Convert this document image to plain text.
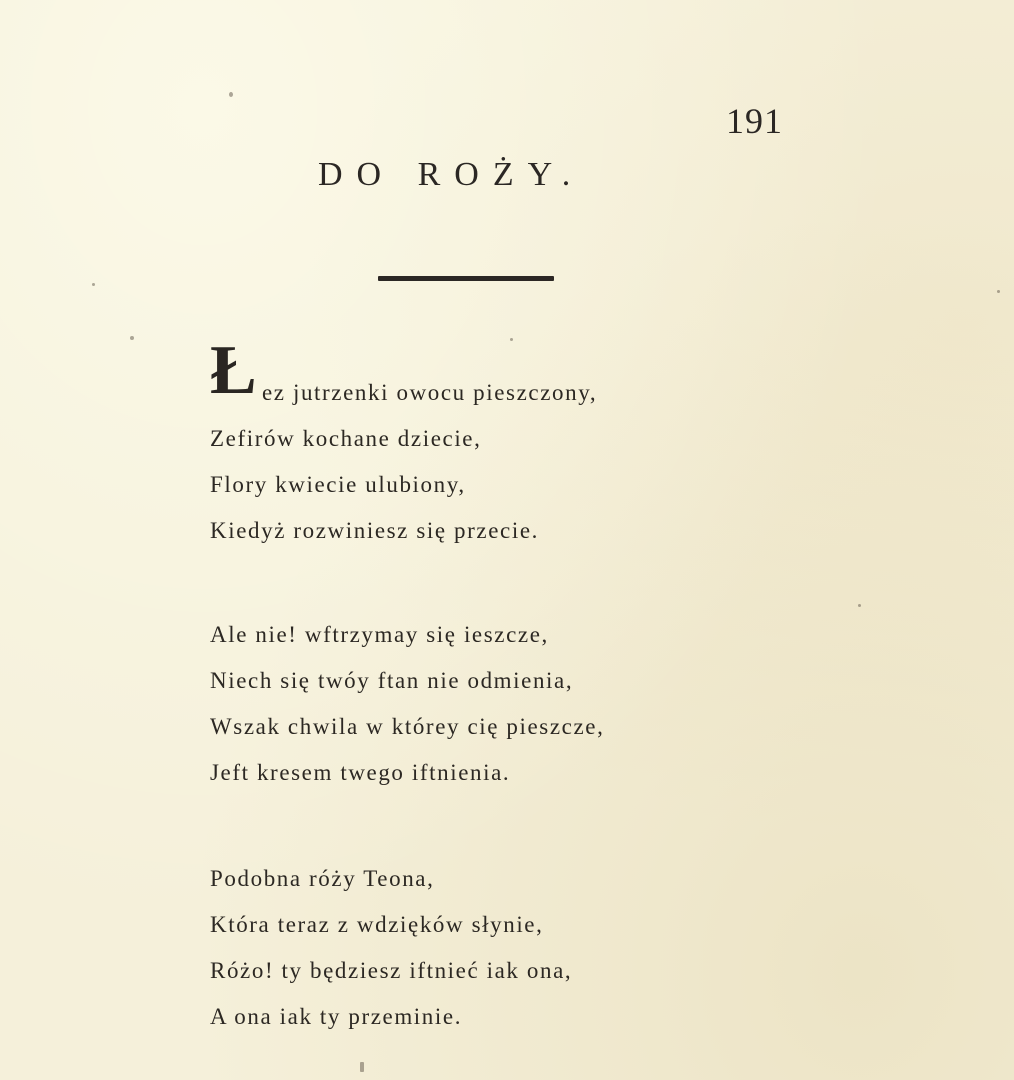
191
DO ROŻY.
Ł ez jutrzenki owocu pieszczony,
Zefirów kochane dziecie,
Flory kwiecie ulubiony,
Kiedyż rozwiniesz się przecie.
Ale nie! wftrzymay się ieszcze,
Niech się twóy ftan nie odmienia,
Wszak chwila w którey cię pieszcze,
Jeft kresem twego iftnienia.
Podobna róży Teona,
Która teraz z wdzięków słynie,
Różo! ty będziesz iftnieć iak ona,
A ona iak ty przeminie.
